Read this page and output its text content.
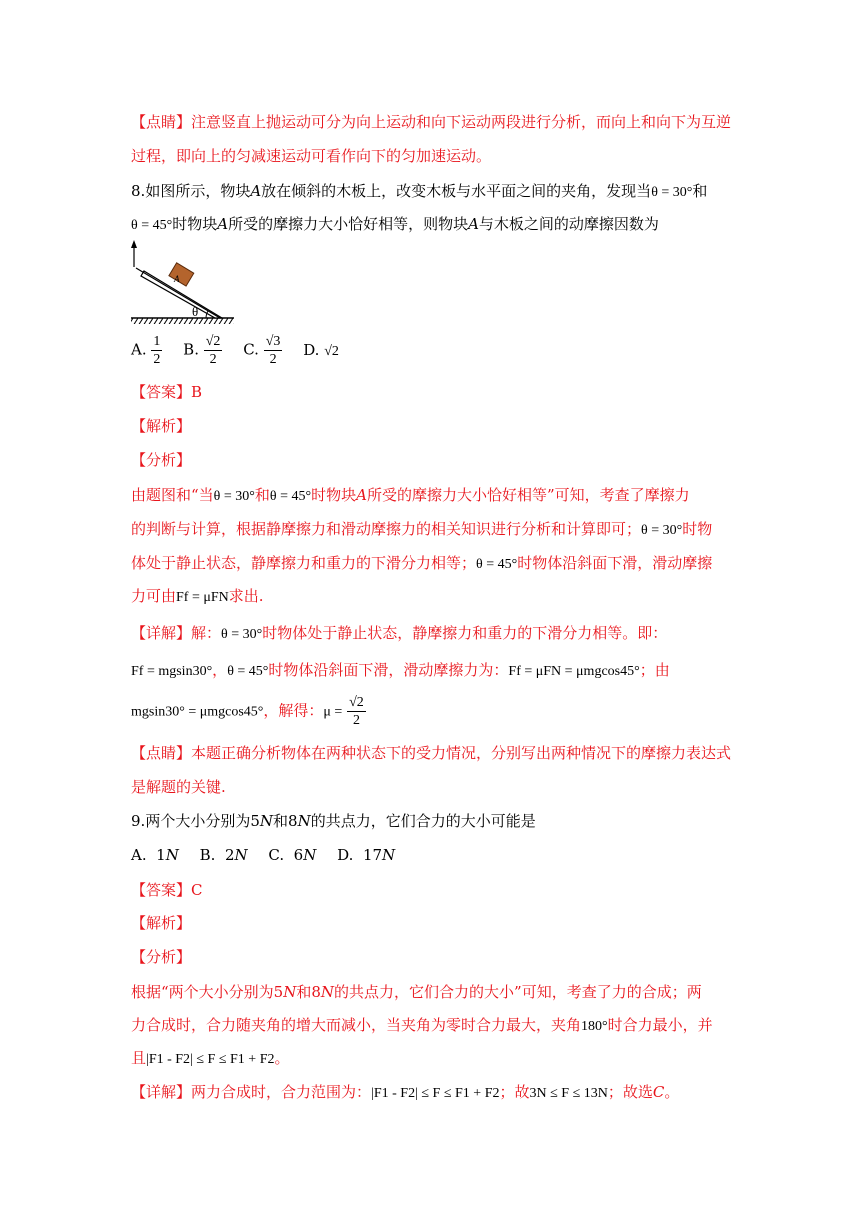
【点睛】注意竖直上抛运动可分为向上运动和向下运动两段进行分析，而向上和向下为互逆
过程，即向上的匀减速运动可看作向下的匀加速运动。
8.如图所示，物块A放在倾斜的木板上，改变木板与水平面之间的夹角，发现当θ = 30°和
θ = 45°时物块A所受的摩擦力大小恰好相等，则物块A与木板之间的动摩擦因数为
A
θ
A. $\frac{1}{2} B$. $\frac{√2}{2} C$. $\frac{√3}{2} D$. √2
【答案】B
【解析】
【分析】
由题图和“当θ = 30°和θ = 45°时物块A所受的摩擦力大小恰好相等”可知，考查了摩擦力
的判断与计算，根据静摩擦力和滑动摩擦力的相关知识进行分析和计算即可；θ = 30°时物
体处于静止状态，静摩擦力和重力的下滑分力相等；θ = 45°时物体沿斜面下滑，滑动摩擦
力可由Ff = μFN求出.
【详解】解：θ = 30°时物体处于静止状态，静摩擦力和重力的下滑分力相等。即：
Ff = mgsin30°，θ = 45°时物体沿斜面下滑，滑动摩擦力为：Ff = μFN = μmgcos45°；由
mgsin30° = μmgcos45°，解得：$\mu = \frac{√2}{2}$
【点睛】本题正确分析物体在两种状态下的受力情况，分别写出两种情况下的摩擦力表达式
是解题的关键.
9.两个大小分别为5N和8N的共点力，它们合力的大小可能是
A. 1N B. 2N C. 6N D. 17N
【答案】C
【解析】
【分析】
根据“两个大小分别为5N和8N的共点力，它们合力的大小”可知，考查了力的合成；两
力合成时，合力随夹角的增大而减小，当夹角为零时合力最大，夹角180°时合力最小，并
且|F1 - F2| ≤ F ≤ F1 + F2。
【详解】两力合成时，合力范围为：|F1 - F2| ≤ F ≤ F1 + F2；故3N ≤ F ≤ 13N；故选C。
